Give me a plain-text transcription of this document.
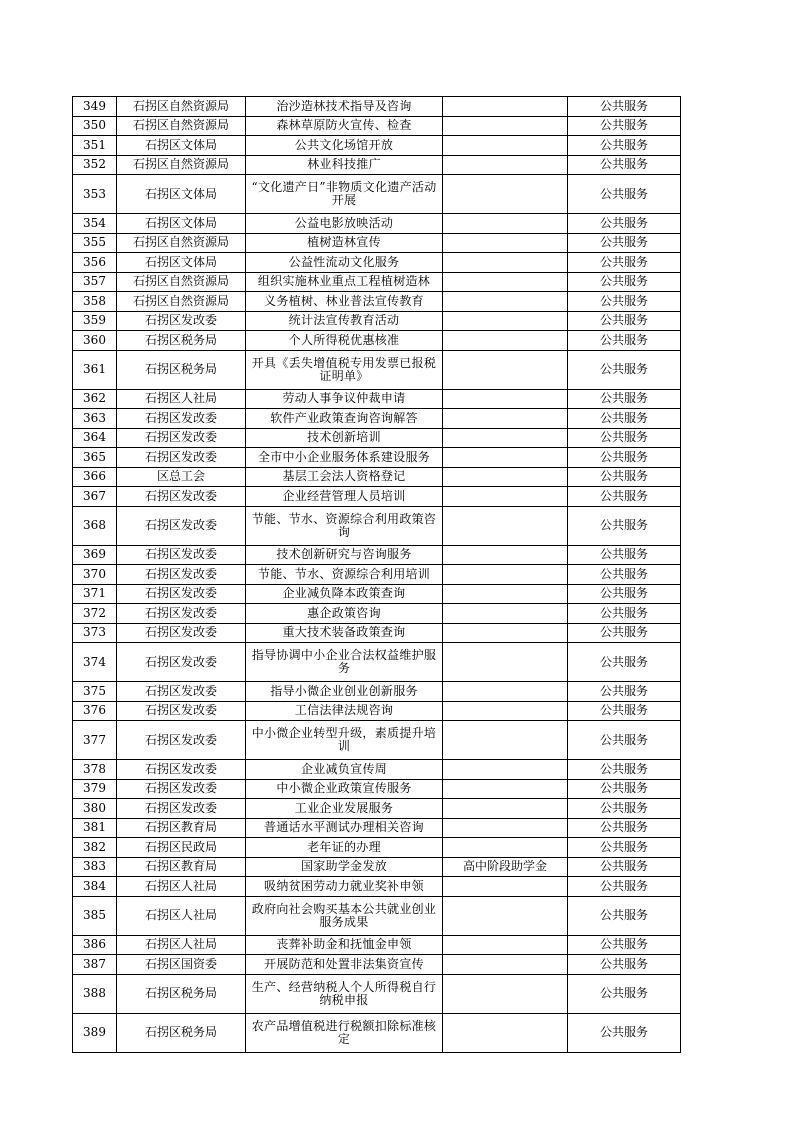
349	石拐区自然资源局	治沙造林技术指导及咨询		公共服务
350	石拐区自然资源局	森林草原防火宣传、检查		公共服务
351	石拐区文体局	公共文化场馆开放		公共服务
352	石拐区自然资源局	林业科技推广		公共服务
353	石拐区文体局	“文化遗产日”非物质文化遗产活动开展		公共服务
354	石拐区文体局	公益电影放映活动		公共服务
355	石拐区自然资源局	植树造林宣传		公共服务
356	石拐区文体局	公益性流动文化服务		公共服务
357	石拐区自然资源局	组织实施林业重点工程植树造林		公共服务
358	石拐区自然资源局	义务植树、林业普法宣传教育		公共服务
359	石拐区发改委	统计法宣传教育活动		公共服务
360	石拐区税务局	个人所得税优惠核准		公共服务
361	石拐区税务局	开具《丢失增值税专用发票已报税证明单》		公共服务
362	石拐区人社局	劳动人事争议仲裁申请		公共服务
363	石拐区发改委	软件产业政策查询咨询解答		公共服务
364	石拐区发改委	技术创新培训		公共服务
365	石拐区发改委	全市中小企业服务体系建设服务		公共服务
366	区总工会	基层工会法人资格登记		公共服务
367	石拐区发改委	企业经营管理人员培训		公共服务
368	石拐区发改委	节能、节水、资源综合利用政策咨询		公共服务
369	石拐区发改委	技术创新研究与咨询服务		公共服务
370	石拐区发改委	节能、节水、资源综合利用培训		公共服务
371	石拐区发改委	企业减负降本政策查询		公共服务
372	石拐区发改委	惠企政策咨询		公共服务
373	石拐区发改委	重大技术装备政策查询		公共服务
374	石拐区发改委	指导协调中小企业合法权益维护服务		公共服务
375	石拐区发改委	指导小微企业创业创新服务		公共服务
376	石拐区发改委	工信法律法规咨询		公共服务
377	石拐区发改委	中小微企业转型升级，素质提升培训		公共服务
378	石拐区发改委	企业减负宣传周		公共服务
379	石拐区发改委	中小微企业政策宣传服务		公共服务
380	石拐区发改委	工业企业发展服务		公共服务
381	石拐区教育局	普通话水平测试办理相关咨询		公共服务
382	石拐区民政局	老年证的办理		公共服务
383	石拐区教育局	国家助学金发放	高中阶段助学金	公共服务
384	石拐区人社局	吸纳贫困劳动力就业奖补申领		公共服务
385	石拐区人社局	政府向社会购买基本公共就业创业服务成果		公共服务
386	石拐区人社局	丧葬补助金和抚恤金申领		公共服务
387	石拐区国资委	开展防范和处置非法集资宣传		公共服务
388	石拐区税务局	生产、经营纳税人个人所得税自行纳税申报		公共服务
389	石拐区税务局	农产品增值税进行税额扣除标准核定		公共服务
